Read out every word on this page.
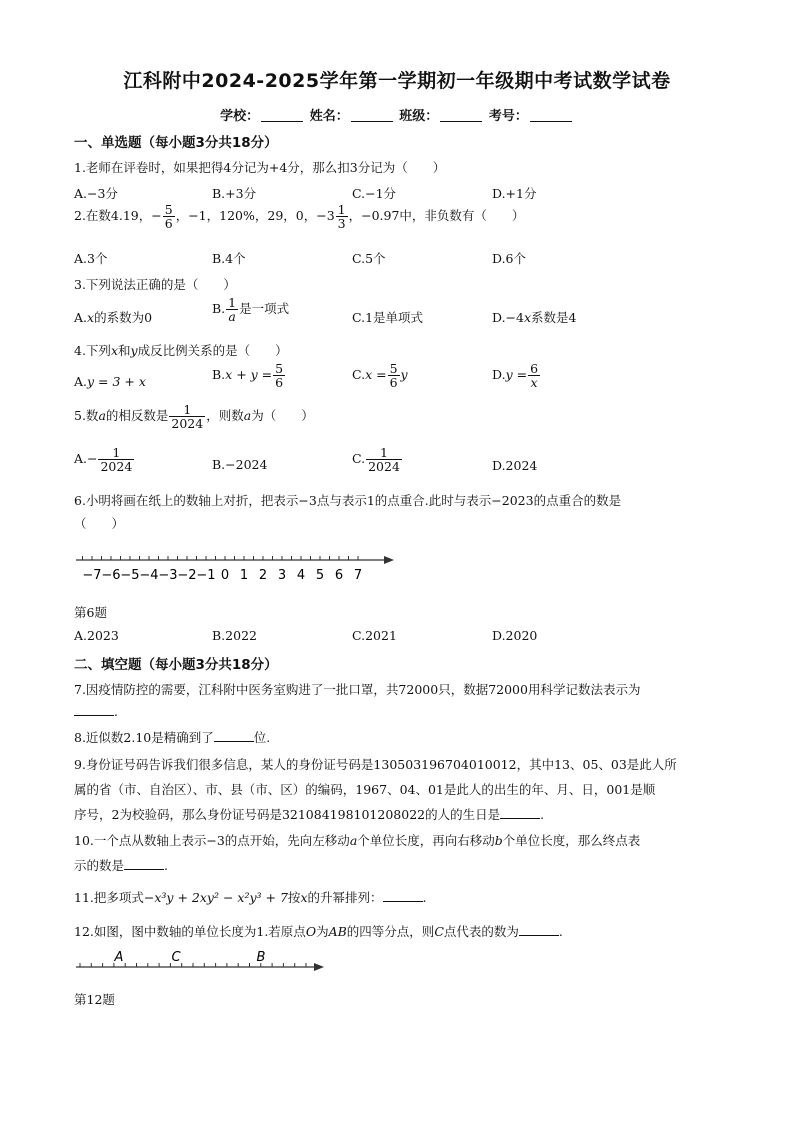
江科附中2024-2025学年第一学期初一年级期中考试数学试卷
学校：	姓名：	班级：	考号：
一、单选题（每小题3分共18分）
1.老师在评卷时，如果把得4分记为+4分，那么扣3分记为（　　）
A.−3分	B.+3分	C.−1分	D.+1分
2.在数4.19，− $\frac{5}{6}$ ，−1，120%，29，0，$-3 \frac{1}{3}$ ，−0.97中，非负数有（　　）
A.3个	B.4个	C.5个	D.6个
3.下列说法正确的是（　　）
A.x的系数为0
B. $\frac{1}{a}$ 是一项式
C.1是单项式	D.−4x系数是4
4.下列x和y成反比例关系的是（　　）
A.y = 3 + x	$B.x + y = \frac{5}{6}$	$C.x = \frac{5}{6}$ y	$D.y = \frac{6}{x}$
5.数a的相反数是 $\frac{1}{2024}$ ，则数a为（　　）
$A.- \frac{1}{2024}$	B.−2024	C. $\frac{1}{2024}$	D.2024
6.小明将画在纸上的数轴上对折，把表示−3点与表示1的点重合.此时与表示−2023的点重合的数是
（　　）
−7 −6 −5 −4 −3 −2 −1 0 1 2 3 4 5 6 7
第6题
A.2023	B.2022	C.2021	D.2020
二、填空题（每小题3分共18分）
7.因疫情防控的需要，江科附中医务室购进了一批口罩，共72000只，数据72000用科学记数法表示为
.
8.近似数2.10是精确到了	位.
9.身份证号码告诉我们很多信息，某人的身份证号码是130503196704010012，其中13、05、03是此人所
属的省（市、自治区）、市、县（市、区）的编码，1967、04、01是此人的出生的年、月、日，001是顺
序号，2为校验码，那么身份证号码是321084198101208022的人的生日是	.
10.一个点从数轴上表示−3的点开始，先向左移动a个单位长度，再向右移动b个单位长度，那么终点表
示的数是	.
11.把多项式−x³y + 2xy² − x²y³ + 7按x的升幂排列：	.
12.如图，图中数轴的单位长度为1.若原点O为AB的四等分点，则C点代表的数为	.
A	C	B
第12题
